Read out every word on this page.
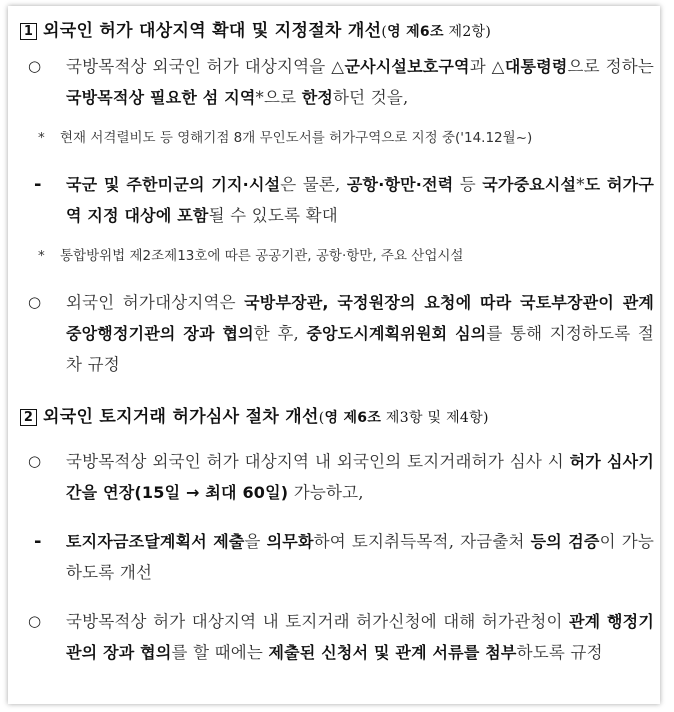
1 외국인 허가 대상지역 확대 및 지정절차 개선(영 제6조 제2항)
○	국방목적상 외국인 허가 대상지역을 △군사시설보호구역과 △대통령령으로 정하는 국방목적상 필요한 섬 지역*으로 한정하던 것을,
* 현재 서격렬비도 등 영해기점 8개 무인도서를 허가구역으로 지정 중('14.12월~)
-	국군 및 주한미군의 기지·시설은 물론, 공항·항만·전력 등 국가중요시설*도 허가구역 지정 대상에 포함될 수 있도록 확대
* 통합방위법 제2조제13호에 따른 공공기관, 공항·항만, 주요 산업시설
○	외국인 허가대상지역은 국방부장관, 국정원장의 요청에 따라 국토부장관이 관계 중앙행정기관의 장과 협의한 후, 중앙도시계획위원회 심의를 통해 지정하도록 절차 규정
2 외국인 토지거래 허가심사 절차 개선(영 제6조 제3항 및 제4항)
○	국방목적상 외국인 허가 대상지역 내 외국인의 토지거래허가 심사 시 허가 심사기간을 연장(15일 → 최대 60일) 가능하고,
-	토지자금조달계획서 제출을 의무화하여 토지취득목적, 자금출처 등의 검증이 가능하도록 개선
○	국방목적상 허가 대상지역 내 토지거래 허가신청에 대해 허가관청이 관계 행정기관의 장과 협의를 할 때에는 제출된 신청서 및 관계 서류를 첨부하도록 규정
